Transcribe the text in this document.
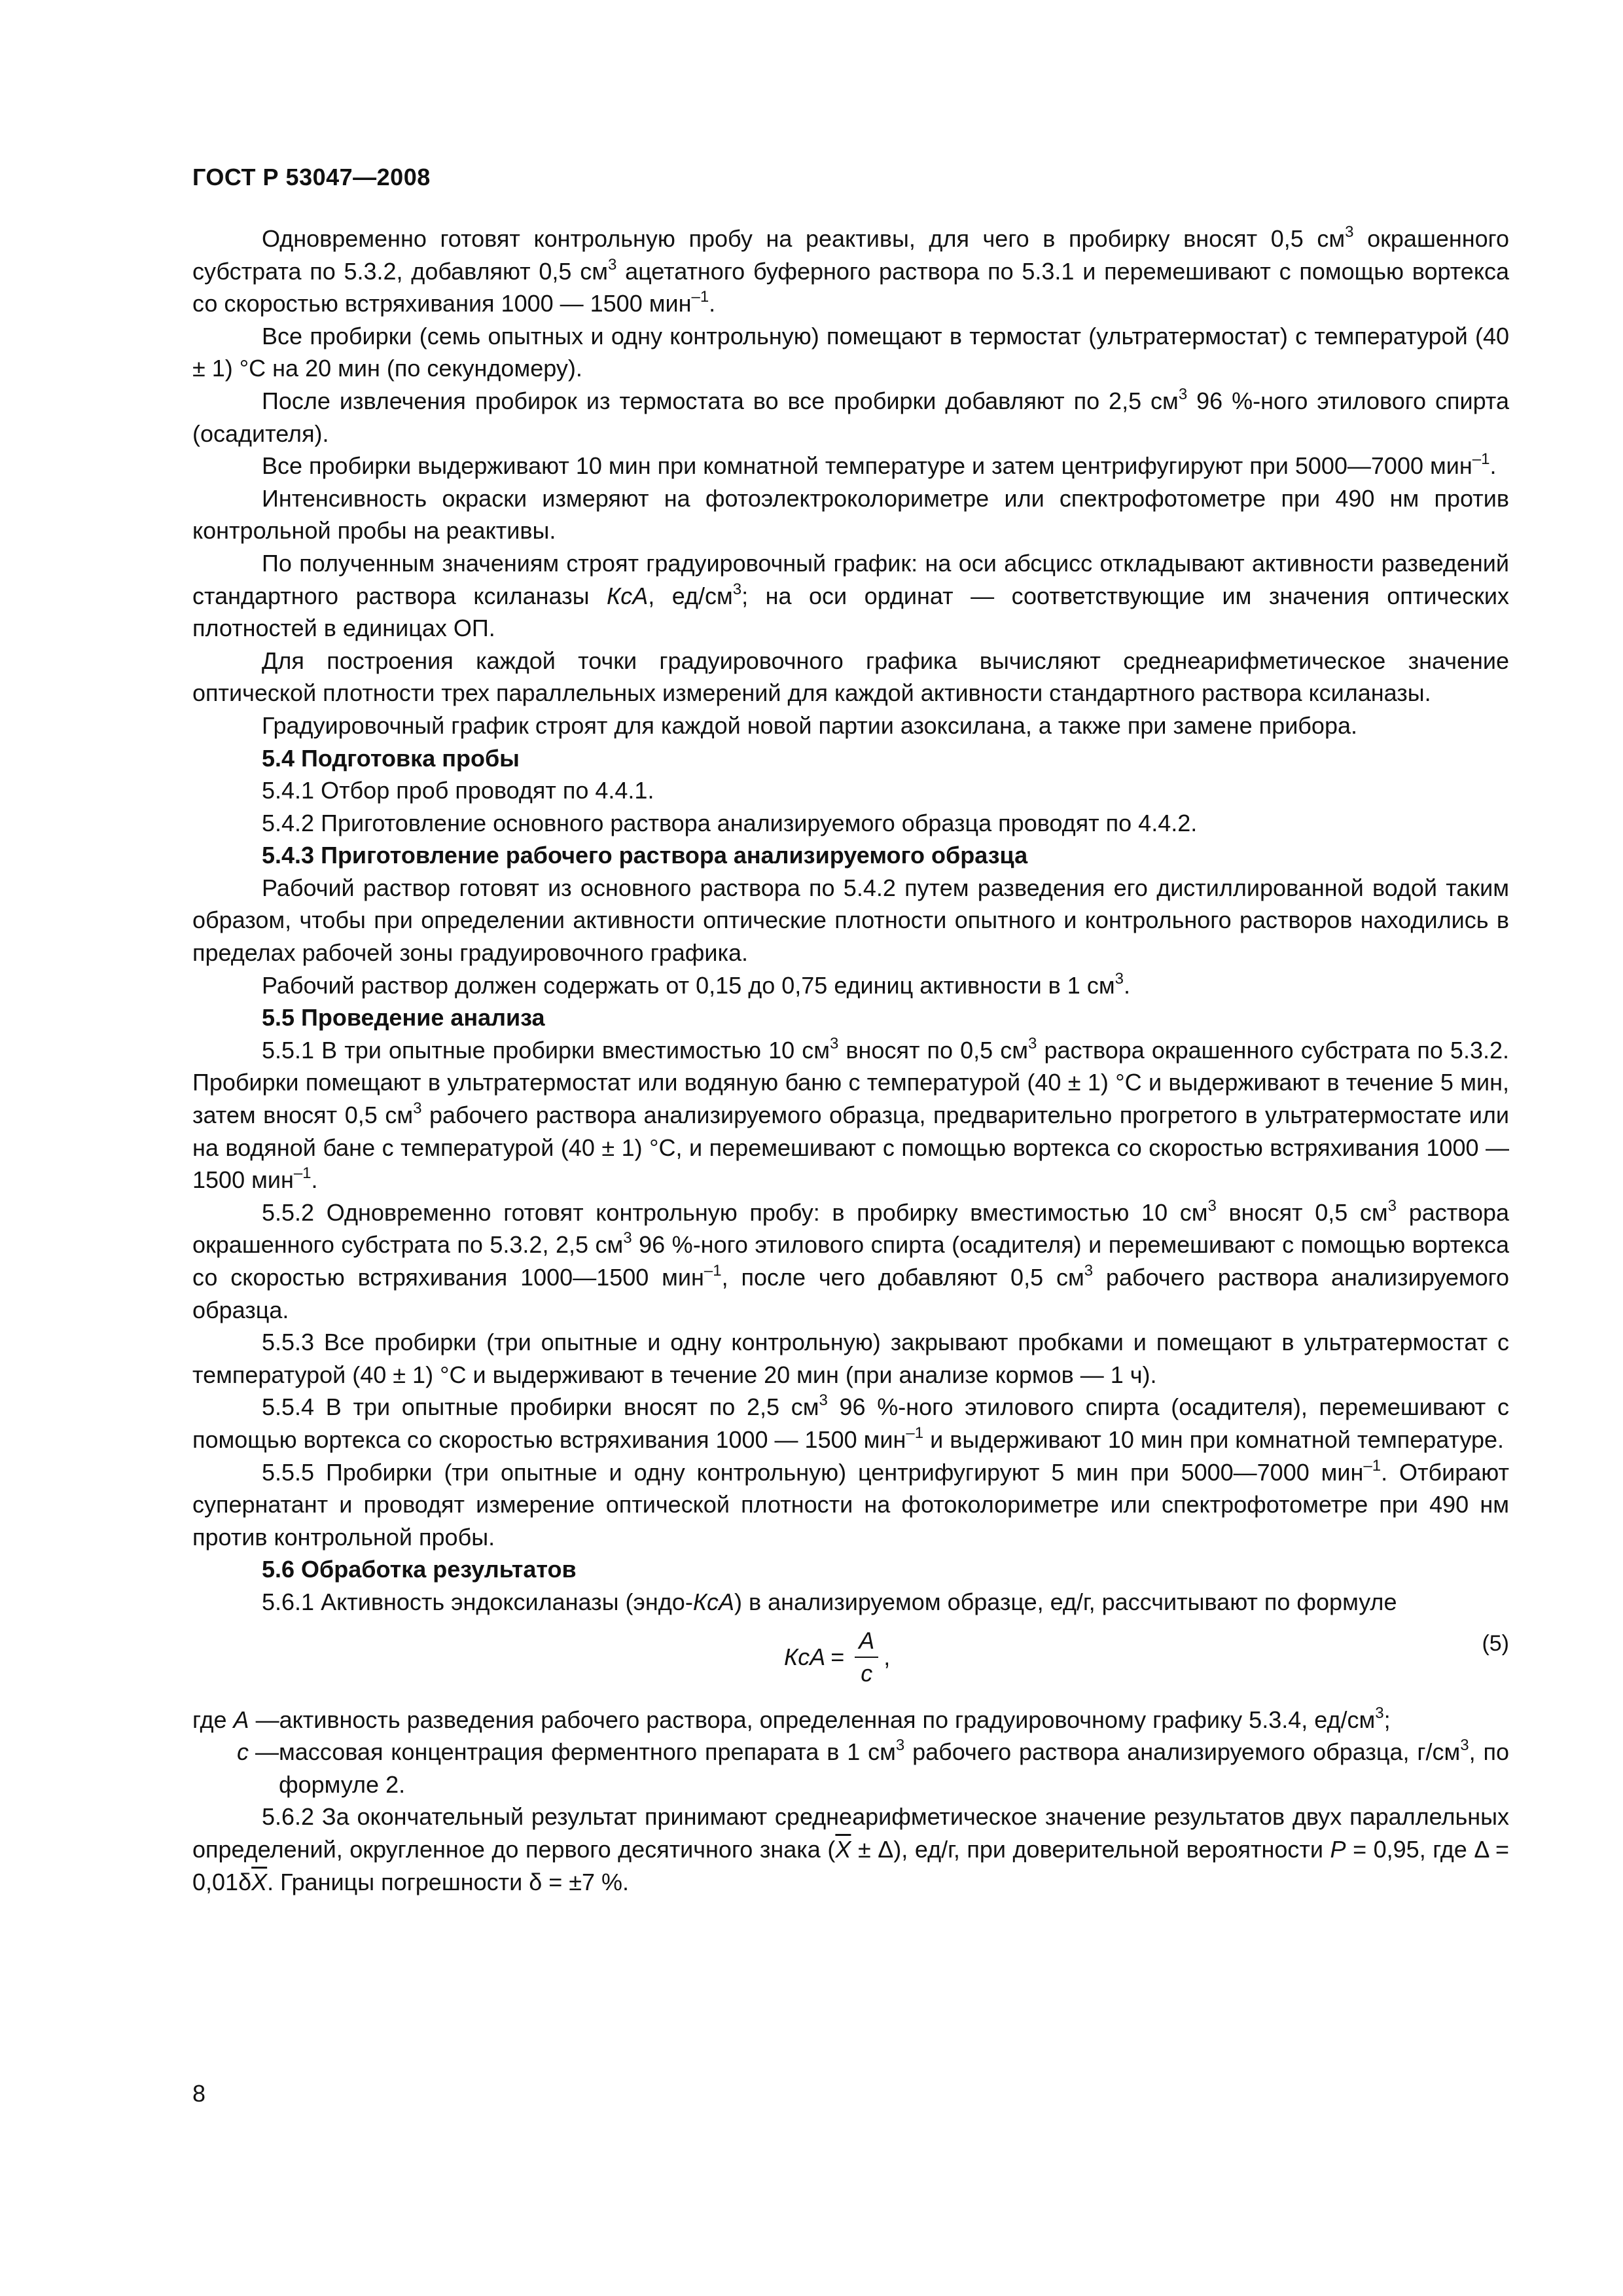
ГОСТ Р 53047—2008

Одновременно готовят контрольную пробу на реактивы, для чего в пробирку вносят 0,5 $см^3$ окрашенного субстрата по 5.3.2, добавляют 0,5 $см^3$ ацетатного буферного раствора по 5.3.1 и перемешивают с помощью вортекса со скоростью встряхивания 1000 — 1500 мин$^{-1}$.

Все пробирки (семь опытных и одну контрольную) помещают в термостат (ультратермостат) с температурой (40 ± 1) °С на 20 мин (по секундомеру).

После извлечения пробирок из термостата во все пробирки добавляют по 2,5 $см^3$ 96 %-ного этилового спирта (осадителя).

Все пробирки выдерживают 10 мин при комнатной температуре и затем центрифугируют при 5000—7000 мин$^{-1}$.

Интенсивность окраски измеряют на фотоэлектроколориметре или спектрофотометре при 490 нм против контрольной пробы на реактивы.

По полученным значениям строят градуировочный график: на оси абсцисс откладывают активности разведений стандартного раствора ксиланазы КсА, $ед/см^3$; на оси ординат — соответствующие им значения оптических плотностей в единицах ОП.

Для построения каждой точки градуировочного графика вычисляют среднеарифметическое значение оптической плотности трех параллельных измерений для каждой активности стандартного раствора ксиланазы.

Градуировочный график строят для каждой новой партии азоксилана, а также при замене прибора.

5.4 Подготовка пробы

5.4.1 Отбор проб проводят по 4.4.1.

5.4.2 Приготовление основного раствора анализируемого образца проводят по 4.4.2.

5.4.3 Приготовление рабочего раствора анализируемого образца

Рабочий раствор готовят из основного раствора по 5.4.2 путем разведения его дистиллированной водой таким образом, чтобы при определении активности оптические плотности опытного и контрольного растворов находились в пределах рабочей зоны градуировочного графика.

Рабочий раствор должен содержать от 0,15 до 0,75 единиц активности в 1 $см^3$.

5.5 Проведение анализа

5.5.1 В три опытные пробирки вместимостью 10 $см^3$ вносят по 0,5 $см^3$ раствора окрашенного субстрата по 5.3.2. Пробирки помещают в ультратермостат или водяную баню с температурой (40 ± 1) °С и выдерживают в течение 5 мин, затем вносят 0,5 $см^3$ рабочего раствора анализируемого образца, предварительно прогретого в ультратермостате или на водяной бане с температурой (40 ± 1) °С, и перемешивают с помощью вортекса со скоростью встряхивания 1000 — 1500 мин$^{-1}$.

5.5.2 Одновременно готовят контрольную пробу: в пробирку вместимостью 10 $см^3$ вносят 0,5 $см^3$ раствора окрашенного субстрата по 5.3.2, 2,5 $см^3$ 96 %-ного этилового спирта (осадителя) и перемешивают с помощью вортекса со скоростью встряхивания 1000—1500 мин$^{-1}$, после чего добавляют 0,5 $см^3$ рабочего раствора анализируемого образца.

5.5.3 Все пробирки (три опытные и одну контрольную) закрывают пробками и помещают в ультратермостат с температурой (40 ± 1) °С и выдерживают в течение 20 мин (при анализе кормов — 1 ч).

5.5.4 В три опытные пробирки вносят по 2,5 $см^3$ 96 %-ного этилового спирта (осадителя), перемешивают с помощью вортекса со скоростью встряхивания 1000 — 1500 мин$^{-1}$ и выдерживают 10 мин при комнатной температуре.

5.5.5 Пробирки (три опытные и одну контрольную) центрифугируют 5 мин при 5000—7000 мин$^{-1}$. Отбирают супернатант и проводят измерение оптической плотности на фотоколориметре или спектрофотометре при 490 нм против контрольной пробы.

5.6 Обработка результатов

5.6.1 Активность эндоксиланазы (эндо-КсА) в анализируемом образце, ед/г, рассчитывают по формуле

КсА = $\frac{А}{с}$ ,
(5)
где А — активность разведения рабочего раствора, определенная по градуировочному графику 5.3.4, $ед/см^3$;
с — массовая концентрация ферментного препарата в 1 $см^3$ рабочего раствора анализируемого образца, $г/см^3$, по формуле 2.

5.6.2 За окончательный результат принимают среднеарифметическое значение результатов двух параллельных определений, округленное до первого десятичного знака $(\overline{X} \pm \Delta)$, ед/г, при доверительной вероятности Р = 0,95, где $\Delta = 0,01\delta\overline{X}$. Границы погрешности δ = ±7 %.

8
